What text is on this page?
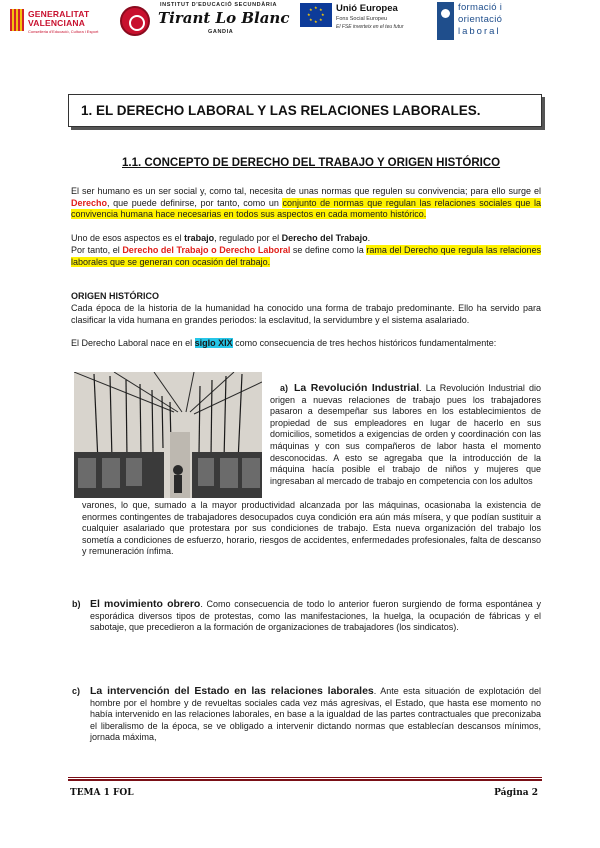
GENERALITAT
VALENCIANA
Conselleria d'Educació, Cultura i Esport
INSTITUT D'EDUCACIÓ SECUNDÀRIA
Tirant Lo Blanc
GANDIA
★ ★
★
★
★
★
★
★ Unió Europea
Fons Social Europeu
El FSE inverteix en el teu futur
formació i
orientació
laboral
1. EL DERECHO LABORAL Y LAS RELACIONES LABORALES.
1.1. CONCEPTO DE DERECHO DEL TRABAJO Y ORIGEN HISTÓRICO
El ser humano es un ser social y, como tal, necesita de unas normas que regulen su convivencia; para ello surge el Derecho, que puede definirse, por tanto, como un conjunto de normas que regulan las relaciones sociales que la convivencia humana hace necesarias en todos sus aspectos en cada momento histórico.
Uno de esos aspectos es el trabajo, regulado por el Derecho del Trabajo.
Por tanto, el Derecho del Trabajo o Derecho Laboral se define como la rama del Derecho que regula las relaciones laborales que se generan con ocasión del trabajo.
ORIGEN HISTÓRICO
Cada época de la historia de la humanidad ha conocido una forma de trabajo predominante. Ello ha servido para clasificar la vida humana en grandes periodos: la esclavitud, la servidumbre y el sistema asalariado.
El Derecho Laboral nace en el siglo XIX como consecuencia de tres hechos históricos fundamentalmente:
a) La Revolución Industrial. La Revolución Industrial dio origen a nuevas relaciones de trabajo pues los trabajadores pasaron a desempeñar sus labores en los establecimientos de propiedad de sus empleadores en lugar de hacerlo en sus domicilios, sometidos a exigencias de orden y coordinación con las máquinas y con sus compañeros de labor hasta el momento desconocidas. A esto se agregaba que la introducción de la máquina hacía posible el trabajo de niños y mujeres que ingresaban al mercado de trabajo en competencia con los adultos
varones, lo que, sumado a la mayor productividad alcanzada por las máquinas, ocasionaba la existencia de enormes contingentes de trabajadores desocupados cuya condición era aún más mísera, y que podían sustituir a cualquier asalariado que protestara por sus condiciones de trabajo. Esta nueva organización del trabajo los sometía a condiciones de esfuerzo, horario, riesgos de accidentes, enfermedades profesionales, falta de descanso y remuneración ínfima.
b) El movimiento obrero. Como consecuencia de todo lo anterior fueron surgiendo de forma espontánea y esporádica diversos tipos de protestas, como las manifestaciones, la huelga, la ocupación de fábricas y el sabotaje, que precedieron a la formación de organizaciones de trabajadores (los sindicatos).
c) La intervención del Estado en las relaciones laborales. Ante esta situación de explotación del hombre por el hombre y de revueltas sociales cada vez más agresivas, el Estado, que hasta ese momento no había intervenido en las relaciones laborales, en base a la igualdad de las partes contractuales que preconizaba el liberalismo de la época, se ve obligado a intervenir dictando normas que establecían descansos mínimos, jornada máxima,
TEMA 1 FOL	Página 2
